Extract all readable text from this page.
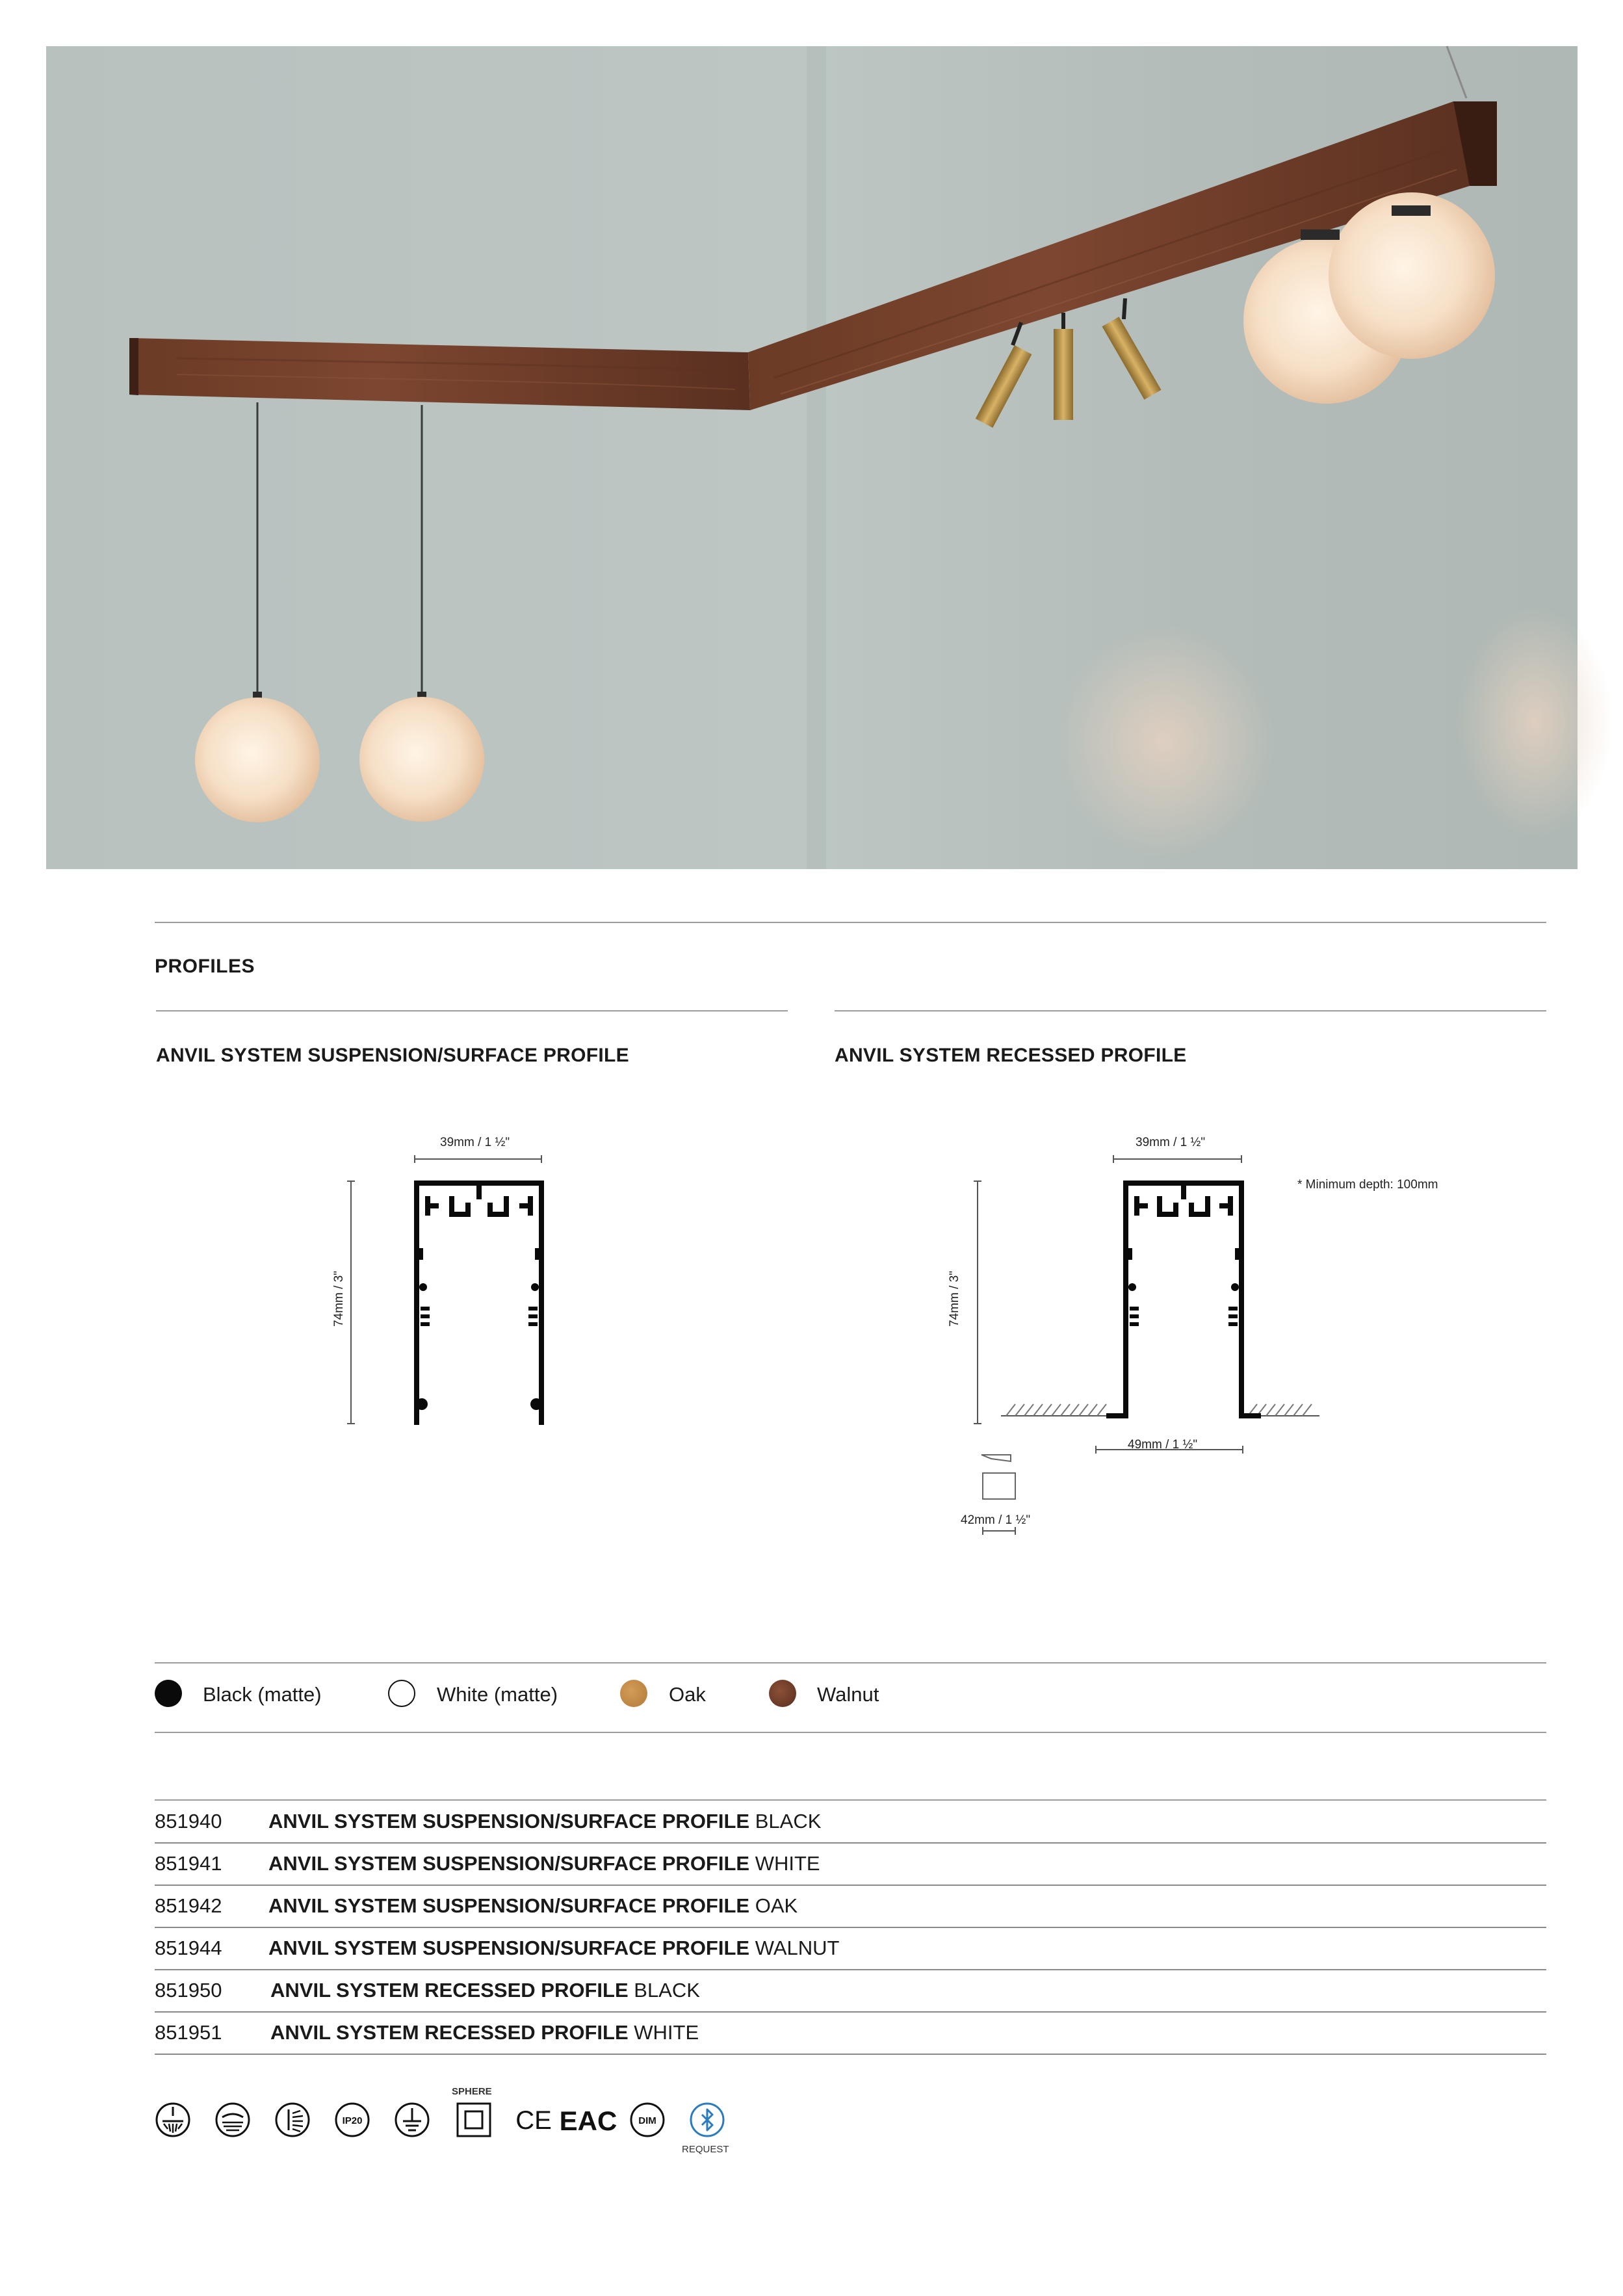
PROFILES
ANVIL SYSTEM SUSPENSION/SURFACE PROFILE	ANVIL SYSTEM RECESSED PROFILE
39mm / 1 ½"
74mm / 3"
39mm / 1 ½"
74mm / 3"
* Minimum depth: 100mm
49mm / 1 ½"
42mm / 1 ½"
Black (matte)	White (matte)	Oak	Walnut
851940 ANVIL SYSTEM SUSPENSION/SURFACE PROFILE BLACK
851941 ANVIL SYSTEM SUSPENSION/SURFACE PROFILE WHITE
851942 ANVIL SYSTEM SUSPENSION/SURFACE PROFILE OAK
851944 ANVIL SYSTEM SUSPENSION/SURFACE PROFILE WALNUT
851950 ANVIL SYSTEM RECESSED PROFILE BLACK
851951 ANVIL SYSTEM RECESSED PROFILE WHITE
IP20
SPHERE
CE EAC DIM
REQUEST
